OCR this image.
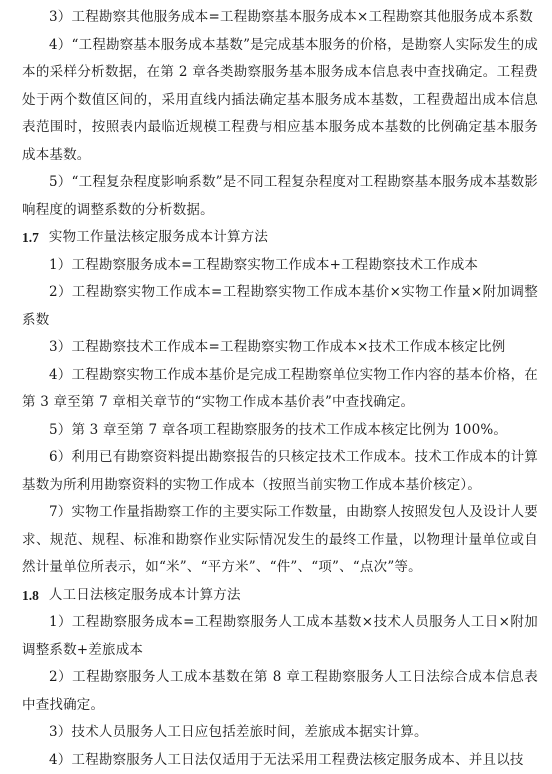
3）工程勘察其他服务成本=工程勘察基本服务成本×工程勘察其他服务成本系数

4）“工程勘察基本服务成本基数”是完成基本服务的价格，是勘察人实际发生的成本的采样分析数据，在第 2 章各类勘察服务基本服务成本信息表中查找确定。工程费处于两个数值区间的，采用直线内插法确定基本服务成本基数，工程费超出成本信息表范围时，按照表内最临近规模工程费与相应基本服务成本基数的比例确定基本服务成本基数。

5）“工程复杂程度影响系数”是不同工程复杂程度对工程勘察基本服务成本基数影响程度的调整系数的分析数据。

1.7 实物工作量法核定服务成本计算方法

1）工程勘察服务成本=工程勘察实物工作成本+工程勘察技术工作成本

2）工程勘察实物工作成本=工程勘察实物工作成本基价×实物工作量×附加调整系数

3）工程勘察技术工作成本=工程勘察实物工作成本×技术工作成本核定比例

4）工程勘察实物工作成本基价是完成工程勘察单位实物工作内容的基本价格，在第 3 章至第 7 章相关章节的“实物工作成本基价表”中查找确定。

5）第 3 章至第 7 章各项工程勘察服务的技术工作成本核定比例为 100%。

6）利用已有勘察资料提出勘察报告的只核定技术工作成本。技术工作成本的计算基数为所利用勘察资料的实物工作成本（按照当前实物工作成本基价核定）。

7）实物工作量指勘察工作的主要实际工作数量，由勘察人按照发包人及设计人要求、规范、规程、标准和勘察作业实际情况发生的最终工作量，以物理计量单位或自然计量单位所表示，如“米”、“平方米”、“件”、“项”、“点次”等。

1.8 人工日法核定服务成本计算方法

1）工程勘察服务成本=工程勘察服务人工成本基数×技术人员服务人工日×附加调整系数+差旅成本

2）工程勘察服务人工成本基数在第 8 章工程勘察服务人工日法综合成本信息表中查找确定。

3）技术人员服务人工日应包括差旅时间，差旅成本据实计算。

4）工程勘察服务人工日法仅适用于无法采用工程费法核定服务成本、并且以技
